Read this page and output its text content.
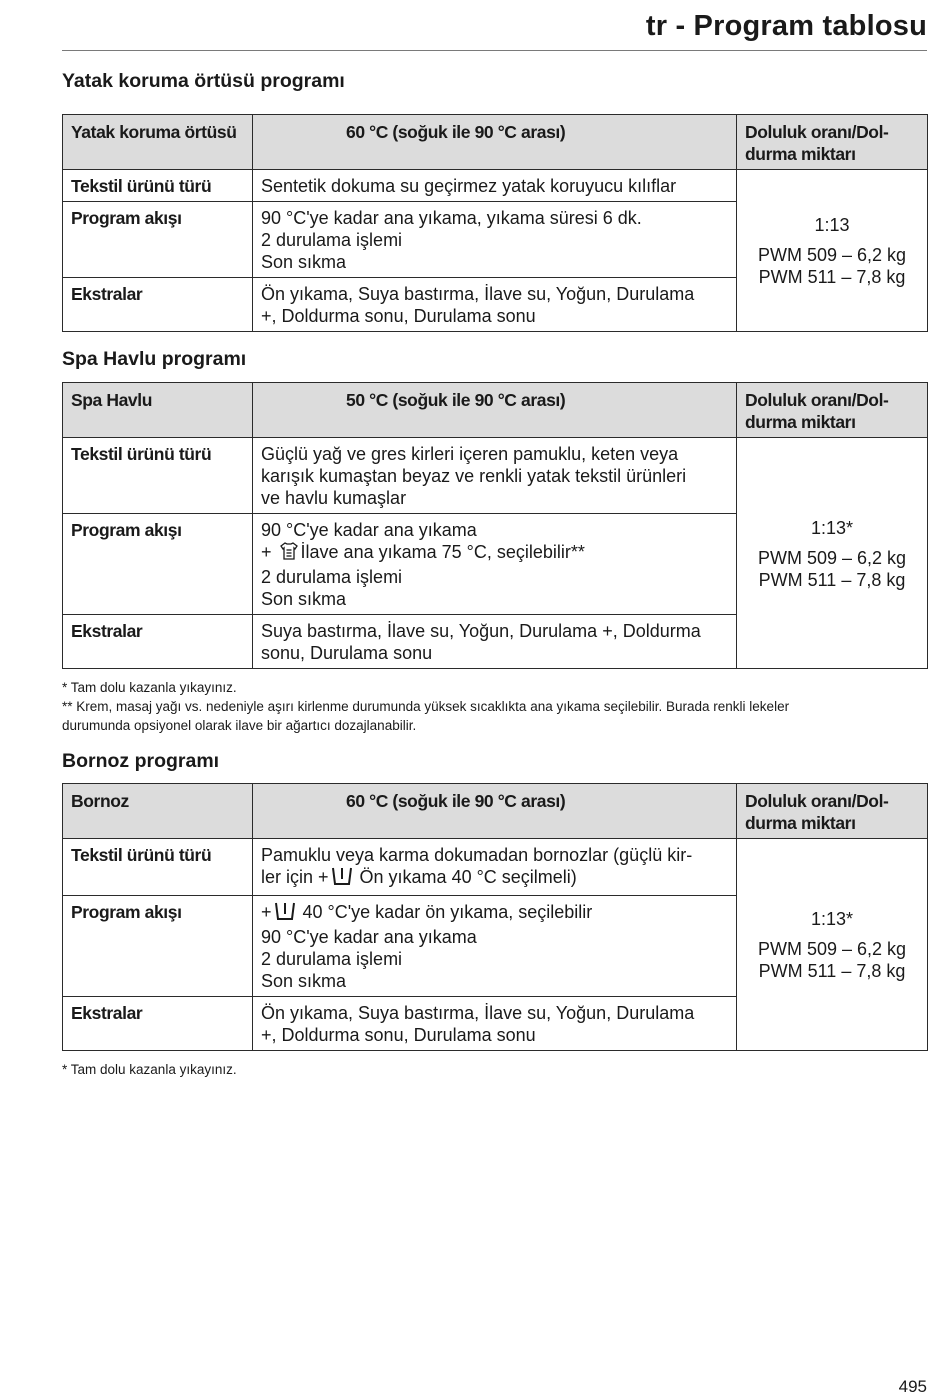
tr - Program tablosu
Yatak koruma örtüsü programı
Yatak koruma örtüsü	60 °C (soğuk ile 90 °C arası)	Doluluk oranı/Dol-
durma miktarı
Tekstil ürünü türü	Sentetik dokuma su geçirmez yatak koruyucu kılıflar	1:13
PWM 509 – 6,2 kg
PWM 511 – 7,8 kg

Program akışı	90 °C'ye kadar ana yıkama, yıkama süresi 6 dk.
2 durulama işlemi
Son sıkma	
Ekstralar	Ön yıkama, Suya bastırma, İlave su, Yoğun, Durulama
+, Doldurma sonu, Durulama sonu	
Spa Havlu programı
Spa Havlu	50 °C (soğuk ile 90 °C arası)	Doluluk oranı/Dol-
durma miktarı
Tekstil ürünü türü	Güçlü yağ ve gres kirleri içeren pamuklu, keten veya
karışık kumaştan beyaz ve renkli yatak tekstil ürünleri
ve havlu kumaşlar	1:13*
PWM 509 – 6,2 kg
PWM 511 – 7,8 kg

Program akışı	90 °C'ye kadar ana yıkama
+ İlave ana yıkama 75 °C, seçilebilir**
2 durulama işlemi
Son sıkma	
Ekstralar	Suya bastırma, İlave su, Yoğun, Durulama +, Doldurma
sonu, Durulama sonu	
* Tam dolu kazanla yıkayınız.
** Krem, masaj yağı vs. nedeniyle aşırı kirlenme durumunda yüksek sıcaklıkta ana yıkama seçilebilir. Burada renkli lekeler
durumunda opsiyonel olarak ilave bir ağartıcı dozajlanabilir.
Bornoz programı
Bornoz	60 °C (soğuk ile 90 °C arası)	Doluluk oranı/Dol-
durma miktarı
Tekstil ürünü türü	Pamuklu veya karma dokumadan bornozlar (güçlü kir-
ler için + Ön yıkama 40 °C seçilmeli)	1:13*
PWM 509 – 6,2 kg
PWM 511 – 7,8 kg

Program akışı	+ 40 °C'ye kadar ön yıkama, seçilebilir
90 °C'ye kadar ana yıkama
2 durulama işlemi
Son sıkma	
Ekstralar	Ön yıkama, Suya bastırma, İlave su, Yoğun, Durulama
+, Doldurma sonu, Durulama sonu	
* Tam dolu kazanla yıkayınız.
495
